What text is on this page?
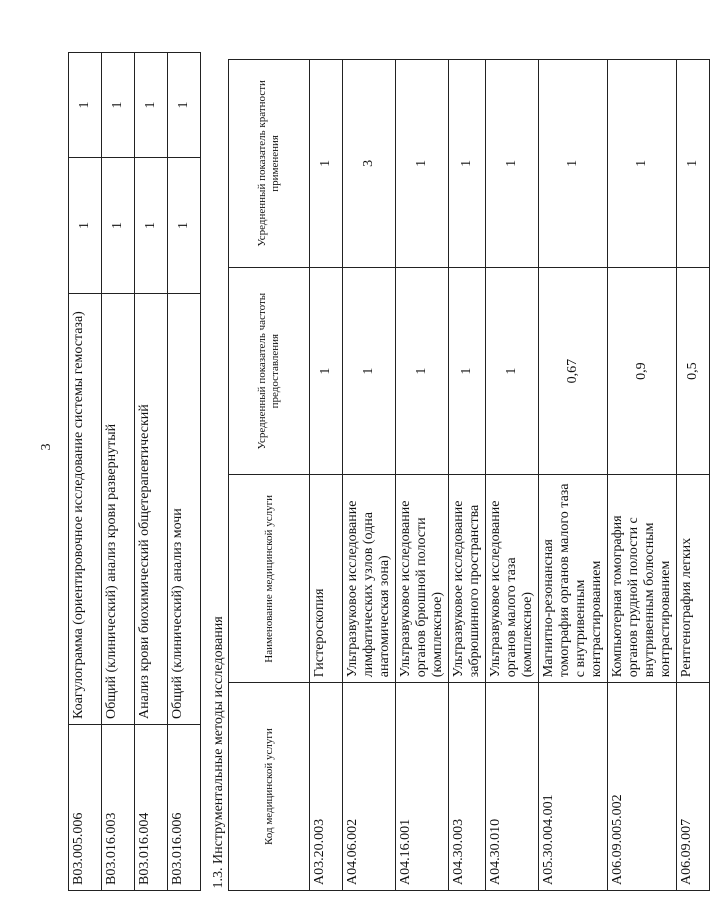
3
B03.005.006	Коагулограмма (ориентировочное исследование системы гемостаза)	1	1
B03.016.003	Общий (клинический) анализ крови развернутый	1	1
B03.016.004	Анализ крови биохимический общетерапевтический	1	1
B03.016.006	Общий (клинический) анализ мочи	1	1
1.3. Инструментальные методы исследования			
Код медицинской услуги	Наименование медицинской услуги	Усредненный показатель частоты предоставления	Усредненный показатель кратности применения
A03.20.003	Гистероскопия	1	1
A04.06.002	Ультразвуковое исследование лимфатических узлов (одна анатомическая зона)	1	3
A04.16.001	Ультразвуковое исследование органов брюшной полости (комплексное)	1	1
A04.30.003	Ультразвуковое исследование забрюшинного пространства	1	1
A04.30.010	Ультразвуковое исследование органов малого таза (комплексное)	1	1
A05.30.004.001	Магнитно-резонансная томография органов малого таза с внутривенным контрастированием	0,67	1
A06.09.005.002	Компьютерная томография органов грудной полости с внутривенным болюсным контрастированием	0,9	1
A06.09.007	Рентгенография легких	0,5	1
